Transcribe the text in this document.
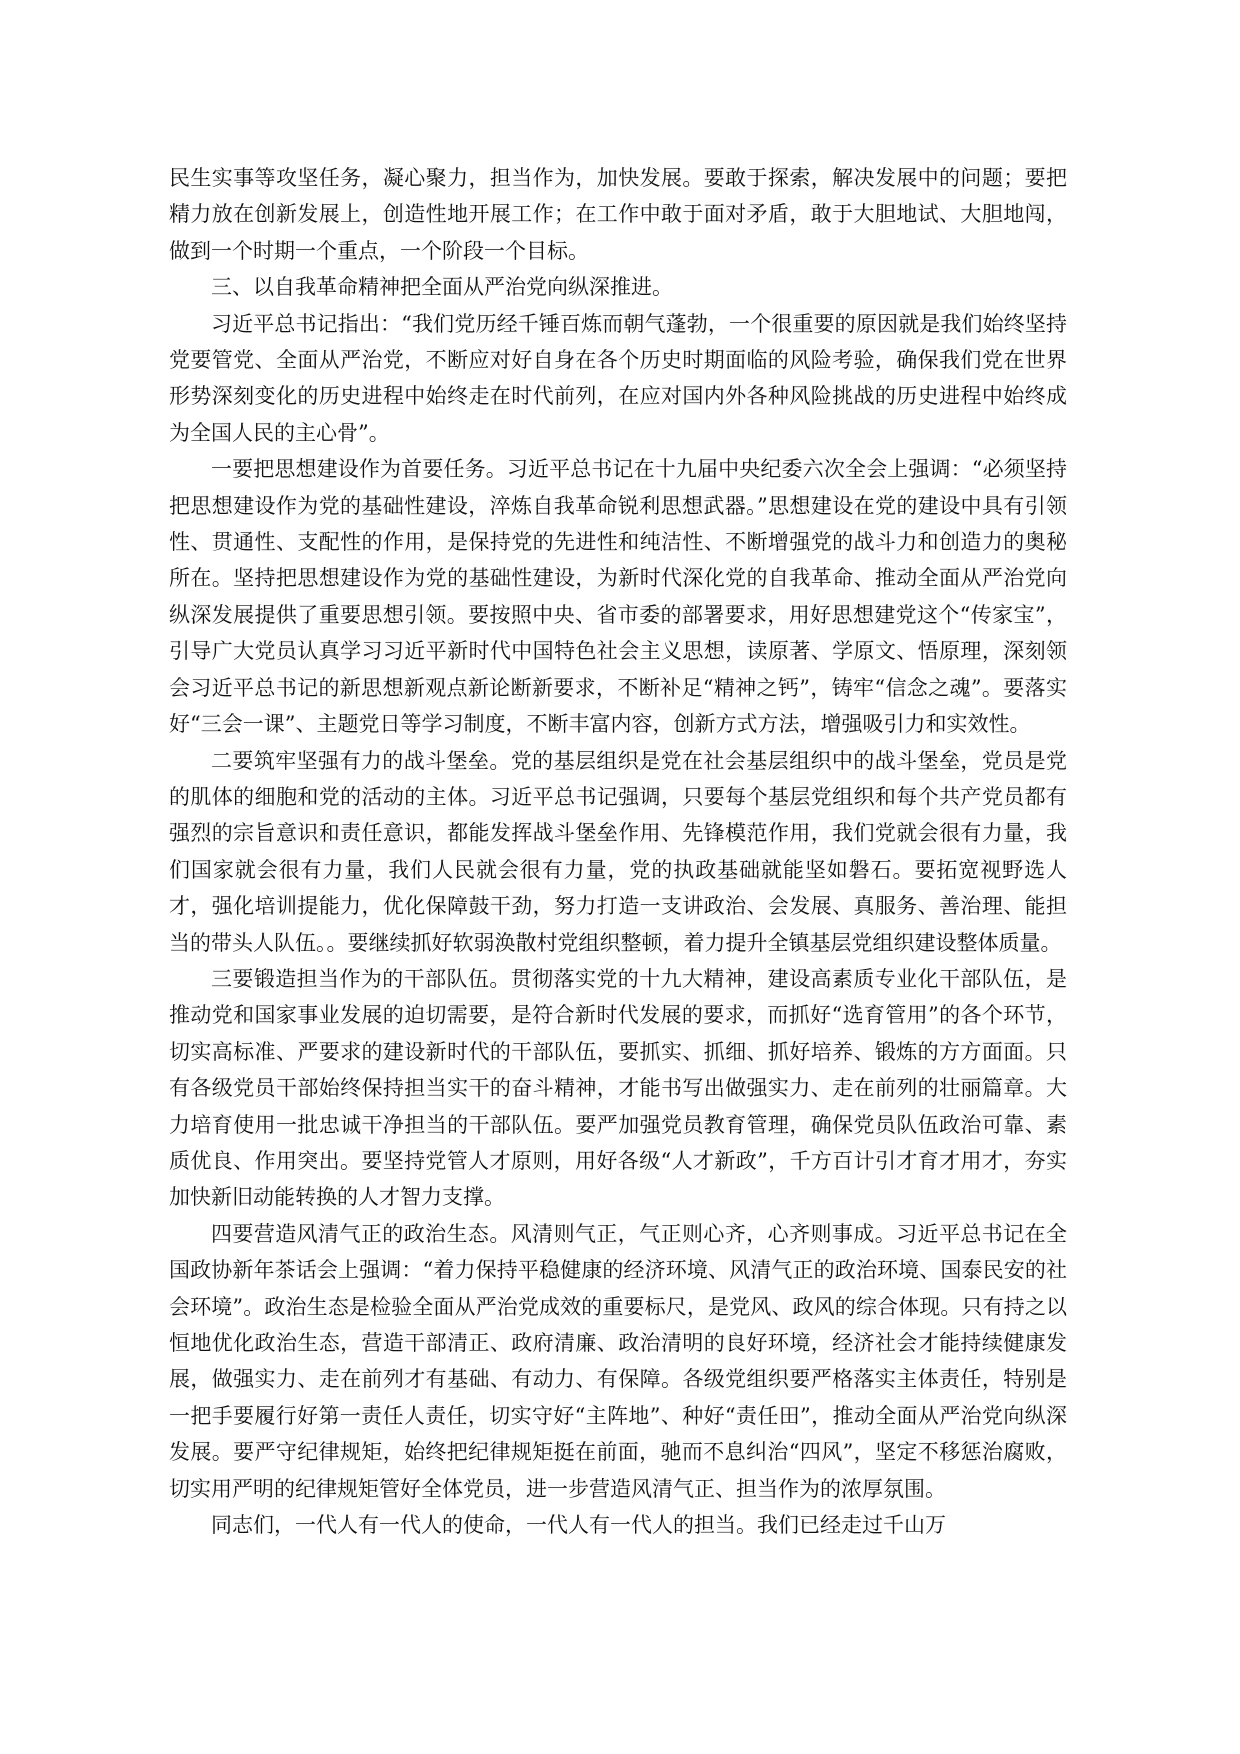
民生实事等攻坚任务，凝心聚力，担当作为，加快发展。要敢于探索，解决发展中的问题；要把精力放在创新发展上，创造性地开展工作；在工作中敢于面对矛盾，敢于大胆地试、大胆地闯，做到一个时期一个重点，一个阶段一个目标。

三、以自我革命精神把全面从严治党向纵深推进。

习近平总书记指出：“我们党历经千锤百炼而朝气蓬勃，一个很重要的原因就是我们始终坚持党要管党、全面从严治党，不断应对好自身在各个历史时期面临的风险考验，确保我们党在世界形势深刻变化的历史进程中始终走在时代前列，在应对国内外各种风险挑战的历史进程中始终成为全国人民的主心骨”。

一要把思想建设作为首要任务。习近平总书记在十九届中央纪委六次全会上强调：“必须坚持把思想建设作为党的基础性建设，淬炼自我革命锐利思想武器。”思想建设在党的建设中具有引领性、贯通性、支配性的作用，是保持党的先进性和纯洁性、不断增强党的战斗力和创造力的奥秘所在。坚持把思想建设作为党的基础性建设，为新时代深化党的自我革命、推动全面从严治党向纵深发展提供了重要思想引领。要按照中央、省市委的部署要求，用好思想建党这个“传家宝”，引导广大党员认真学习习近平新时代中国特色社会主义思想，读原著、学原文、悟原理，深刻领会习近平总书记的新思想新观点新论断新要求，不断补足“精神之钙”，铸牢“信念之魂”。要落实好“三会一课”、主题党日等学习制度，不断丰富内容，创新方式方法，增强吸引力和实效性。

二要筑牢坚强有力的战斗堡垒。党的基层组织是党在社会基层组织中的战斗堡垒，党员是党的肌体的细胞和党的活动的主体。习近平总书记强调，只要每个基层党组织和每个共产党员都有强烈的宗旨意识和责任意识，都能发挥战斗堡垒作用、先锋模范作用，我们党就会很有力量，我们国家就会很有力量，我们人民就会很有力量，党的执政基础就能坚如磐石。要拓宽视野选人才，强化培训提能力，优化保障鼓干劲，努力打造一支讲政治、会发展、真服务、善治理、能担当的带头人队伍。。要继续抓好软弱涣散村党组织整顿，着力提升全镇基层党组织建设整体质量。

三要锻造担当作为的干部队伍。贯彻落实党的十九大精神，建设高素质专业化干部队伍，是推动党和国家事业发展的迫切需要，是符合新时代发展的要求，而抓好“选育管用”的各个环节，切实高标准、严要求的建设新时代的干部队伍，要抓实、抓细、抓好培养、锻炼的方方面面。只有各级党员干部始终保持担当实干的奋斗精神，才能书写出做强实力、走在前列的壮丽篇章。大力培育使用一批忠诚干净担当的干部队伍。要严加强党员教育管理，确保党员队伍政治可靠、素质优良、作用突出。要坚持党管人才原则，用好各级“人才新政”，千方百计引才育才用才，夯实加快新旧动能转换的人才智力支撑。

四要营造风清气正的政治生态。风清则气正，气正则心齐，心齐则事成。习近平总书记在全国政协新年茶话会上强调：“着力保持平稳健康的经济环境、风清气正的政治环境、国泰民安的社会环境”。政治生态是检验全面从严治党成效的重要标尺，是党风、政风的综合体现。只有持之以恒地优化政治生态，营造干部清正、政府清廉、政治清明的良好环境，经济社会才能持续健康发展，做强实力、走在前列才有基础、有动力、有保障。各级党组织要严格落实主体责任，特别是一把手要履行好第一责任人责任，切实守好“主阵地”、种好“责任田”，推动全面从严治党向纵深发展。要严守纪律规矩，始终把纪律规矩挺在前面，驰而不息纠治“四风”，坚定不移惩治腐败，切实用严明的纪律规矩管好全体党员，进一步营造风清气正、担当作为的浓厚氛围。

同志们，一代人有一代人的使命，一代人有一代人的担当。我们已经走过千山万
